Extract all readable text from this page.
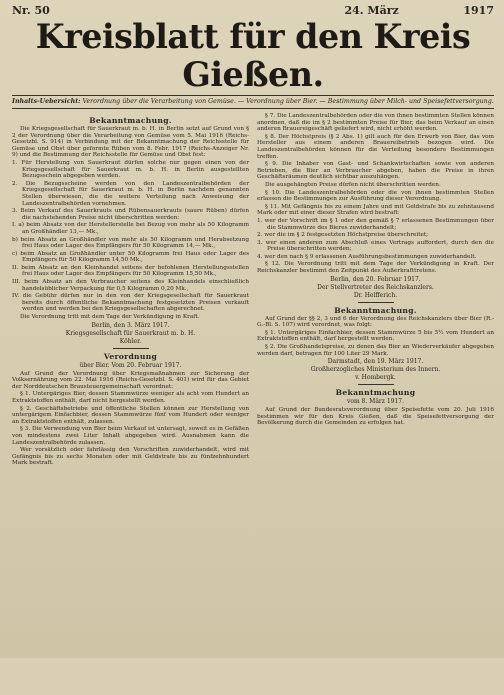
Nr. 50	24. März	1917
Kreisblatt für den Kreis Gießen.
Inhalts-Uebersicht: Verordnung über die Verarbeitung von Gemüse. — Verordnung über Bier. — Bestimmung über Milch- und Speisefettversorgung.
Bekanntmachung.

Die Kriegsgesellschaft für Sauerkraut m. b. H. in Berlin setzt auf Grund von § 2 der Verordnung über die Verarbeitung von Gemüse vom 5. Mai 1916 (Reichs-Gesetzbl. S. 914) in Verbindung mit der Bekanntmachung der Reichsstelle für Gemüse und Obst über geformte Rüben vom 8. Febr. 1917 (Reichs-Anzeiger Nr. 9) und die Bestimmung der Reichsstelle für Gemüse und Obst fest:

1. Für Herstellung von Sauerkraut dürfen solche nur gegen einen von der Kriegsgesellschaft für Sauerkraut m. b. H. in Berlin ausgestellten Bezugsschein abgegeben werden.

2. Die Bezugsscheine werden von den Landeszentralbehörden der Kriegsgesellschaft für Sauerkraut m. b. H. in Berlin nachdem genannten Stellen überwiesen, die die weitere Verteilung nach Anweisung der Landeszentralbehörden vornehmen.

3. Beim Verkauf des Sauerkrauts und Rübensauerkrauts (saure Rüben) dürfen die nachstehenden Preise nicht überschritten werden:

I. a) beim Absatz von der Herstellerstelle bei Bezug von mehr als 50 Kilogramm an Großhändler 13,— Mk.,

b) beim Absatz an Großhändler von mehr als 50 Kilogramm und Herabsetzung frei Haus oder Lager des Empfängers für 50 Kilogramm 14,— Mk.,

c) beim Absatz an Großhändler unter 50 Kilogramm frei Haus oder Lager des Empfängers für 50 Kilogramm 14,50 Mk.,

II. beim Absatz an den Kleinhandel seitens der befohlenen Herstellungsstellen frei Haus oder Lager des Empfängers für 50 Kilogramm 15,50 Mk.,

III. beim Absatz an den Verbraucher seitens des Kleinhandels einschließlich handelsüblicher Verpackung für 0,5 Kilogramm 0,20 Mk.,

IV. die Gebühr dürfen nur in den von der Kriegsgesellschaft für Sauerkraut bereits durch öffentliche Bekanntmachung festgesetzten Preisen verkauft werden und werden bei den Kriegsgesellschaften abgerechnet.

Die Verordnung tritt mit dem Tage der Verkündigung in Kraft.

Berlin, den 3. März 1917.
Kriegsgesellschaft für Sauerkraut m. b. H.
Köhler.
Verordnung
über Bier. Vom 20. Februar 1917.

Auf Grund der Verordnung über Kriegsmaßnahmen zur Sicherung der Volksernährung vom 22. Mai 1916 (Reichs-Gesetzbl. S. 401) wird für das Gebiet der Norddeutschen Brausteuergemeinschaft verordnet:

§ 1. Untergäriges Bier, dessen Stammwürze weniger als acht vom Hundert an Extraktstoffen enthält, darf nicht hergestellt werden.

§ 2. Geschäftsbetriebe und öffentliche Stellen können zur Herstellung von untergärigem Einfachbier, dessen Stammwürze fünf vom Hundert oder weniger an Extraktstoffen enthält, zulassen.

§ 3. Die Verwendung von Bier beim Verkauf ist untersagt, soweit es in Gefäßen von mindestens zwei Liter Inhalt abgegeben wird. Ausnahmen kann die Landeszentralbehörde zulassen.

Wer vorsätzlich oder fahrlässig den Vorschriften zuwiderhandelt, wird mit Gefängnis bis zu sechs Monaten oder mit Geldstrafe bis zu fünfzehnhundert Mark bestraft.

§ 7. Die Landeszentralbehörden oder die von ihnen bestimmten Stellen können anordnen, daß die im § 2 bestimmten Preise für Bier, das beim Verkauf an einen anderen Brauereigeschäft geliefert wird, nicht erhöht werden.

§ 8. Der Höchstpreis (§ 2 Abs. 1) gilt auch für den Erwerb von Bier, das vom Hersteller aus einem anderen Brauereibetrieb bezogen wird. Die Landeszentralbehörden können für die Verteilung besondere Bestimmungen treffen.

§ 9. Die Inhaber von Gast- und Schankwirtschaften sowie von anderen Betrieben, die Bier an Verbraucher abgeben, haben die Preise in ihren Geschäftsräumen deutlich sichtbar auszuhängen.

Die ausgehängten Preise dürfen nicht überschritten werden.

§ 10. Die Landeszentralbehörden oder die von ihnen bestimmten Stellen erlassen die Bestimmungen zur Ausführung dieser Verordnung.

§ 11. Mit Gefängnis bis zu einem Jahre und mit Geldstrafe bis zu zehntausend Mark oder mit einer dieser Strafen wird bestraft:

1. wer der Vorschrift im § 1 oder den gemäß § 7 erlassenen Bestimmungen über die Stammwürze des Bieres zuwiderhandelt;

2. wer die im § 2 festgesetzten Höchstpreise überschreitet;

3. wer einen anderen zum Abschluß eines Vertrags auffordert, durch den die Preise überschritten werden;

4. wer den nach § 9 erlassenen Ausführungsbestimmungen zuwiderhandelt.

§ 12. Die Verordnung tritt mit dem Tage der Verkündigung in Kraft. Der Reichskanzler bestimmt den Zeitpunkt des Außerkrafttretens.

Berlin, den 20. Februar 1917.
Der Stellvertreter des Reichskanzlers.
Dr. Helfferich.
Bekanntmachung.

Auf Grund der §§ 2, 3 und 6 der Verordnung des Reichskanzlers über Bier (R.-G.-Bl. S. 107) wird verordnet, was folgt:

§ 1. Untergäriges Einfachbier, dessen Stammwürze 5 bis 5½ vom Hundert an Extraktstoffen enthält, darf hergestellt werden.

§ 2. Die Großhandelspreise, zu denen das Bier an Wiederverkäufer abgegeben werden darf, betragen für 100 Liter 29 Mark.

Darmstadt, den 19. März 1917.
Großherzogliches Ministerium des Innern.
v. Hombergk.
Bekanntmachung
vom 8. März 1917.

Auf Grund der Bundesratsverordnung über Speisefette vom 20. Juli 1916 bestimmen wir für den Kreis Gießen, daß die Speisefettversorgung der Bevölkerung durch die Gemeinden zu erfolgen hat.
